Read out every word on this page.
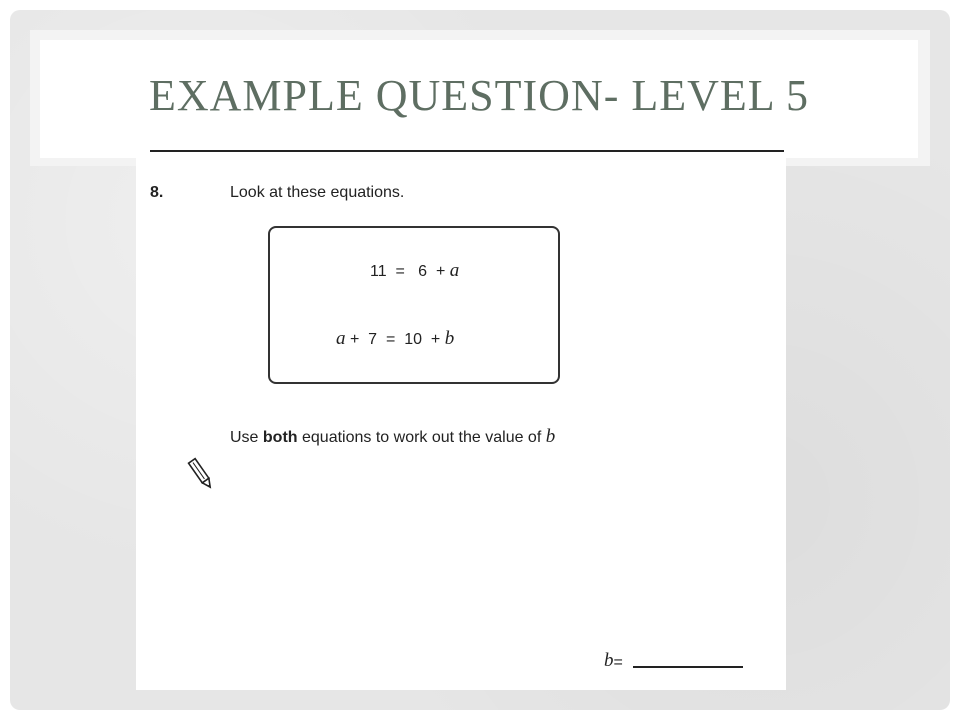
EXAMPLE QUESTION- LEVEL 5
8.	Look at these equations.
11  =   6  + a
a +  7  =  10  + b
Use both equations to work out the value of b
b =
